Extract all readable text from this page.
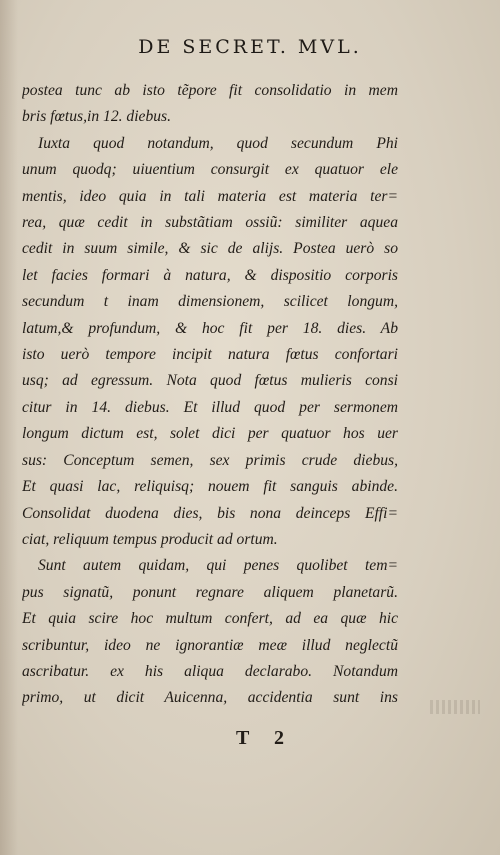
DE SECRET. MVL.
postea tunc ab isto tẽpore fit consolidatio in mem
bris fœtus,in 12. diebus.
Iuxta quod notandum, quod secundum Phi
unum quodq; uiuentium consurgit ex quatuor ele
mentis, ideo quia in tali materia est materia ter=
rea, quæ cedit in substãtiam ossiũ: similiter aquea
cedit in suum simile, & sic de alijs. Postea uerò so
let facies formari à natura, & dispositio corporis
secundum t inam dimensionem, scilicet longum,
latum,& profundum, & hoc fit per 18. dies. Ab
isto uerò tempore incipit natura fœtus confortari
usq; ad egressum. Nota quod fœtus mulieris consi
citur in 14. diebus. Et illud quod per sermonem
longum dictum est, solet dici per quatuor hos uer
sus: Conceptum semen, sex primis crude diebus,
Et quasi lac, reliquisq; nouem fit sanguis abinde.
Consolidat duodena dies, bis nona deinceps Effi=
ciat, reliquum tempus producit ad ortum.
Sunt autem quidam, qui penes quolibet tem=
pus signatũ, ponunt regnare aliquem planetarũ.
Et quia scire hoc multum confert, ad ea quæ hic
scribuntur, ideo ne ignorantiæ meæ illud neglectũ
ascribatur. ex his aliqua declarabo. Notandum
primo, ut dicit Auicenna, accidentia sunt ins
T 2
